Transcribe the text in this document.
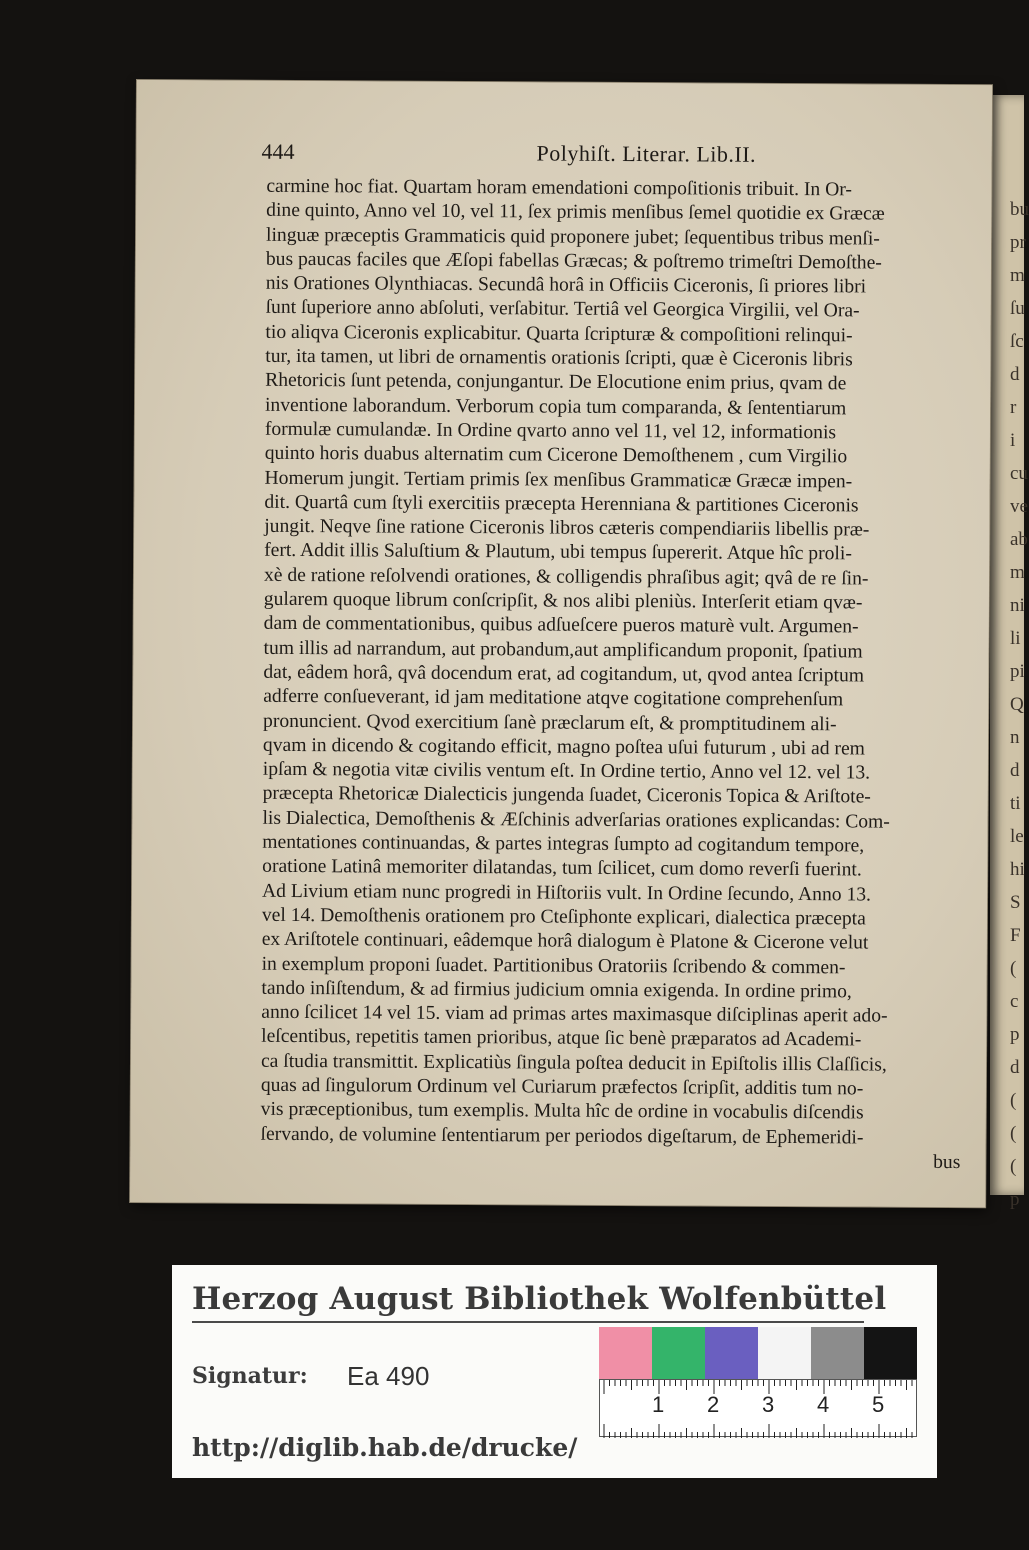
bu
pr
m
ſu
ſc
d
r
i
cu
ve
ab
m
ni
li
pi
Q
n
d
ti
le
hi
S
F
(
c
p
d
(
(
(
p
444	Polyhiſt. Literar. Lib.II.
carmine hoc fiat. Quartam horam emendationi compoſitionis tribuit. In Or-
dine quinto, Anno vel 10, vel 11, ſex primis menſibus ſemel quotidie ex Græcæ
linguæ præceptis Grammaticis quid proponere jubet; ſequentibus tribus menſi-
bus paucas faciles que Æſopi fabellas Græcas; & poſtremo trimeſtri Demoſthe-
nis Orationes Olynthiacas. Secundâ horâ in Officiis Ciceronis, ſi priores libri
ſunt ſuperiore anno abſoluti, verſabitur. Tertiâ vel Georgica Virgilii, vel Ora-
tio aliqva Ciceronis explicabitur. Quarta ſcripturæ & compoſitioni relinqui-
tur, ita tamen, ut libri de ornamentis orationis ſcripti, quæ è Ciceronis libris
Rhetoricis ſunt petenda, conjungantur. De Elocutione enim prius, qvam de
inventione laborandum. Verborum copia tum comparanda, & ſententiarum
formulæ cumulandæ. In Ordine qvarto anno vel 11, vel 12, informationis
quinto horis duabus alternatim cum Cicerone Demoſthenem , cum Virgilio
Homerum jungit. Tertiam primis ſex menſibus Grammaticæ Græcæ impen-
dit. Quartâ cum ſtyli exercitiis præcepta Herenniana & partitiones Ciceronis
jungit. Neqve ſine ratione Ciceronis libros cæteris compendiariis libellis præ-
fert. Addit illis Saluſtium & Plautum, ubi tempus ſupererit. Atque hîc proli-
xè de ratione reſolvendi orationes, & colligendis phraſibus agit; qvâ de re ſin-
gularem quoque librum conſcripſit, & nos alibi pleniùs. Interſerit etiam qvæ-
dam de commentationibus, quibus adſueſcere pueros maturè vult. Argumen-
tum illis ad narrandum, aut probandum,aut amplificandum proponit, ſpatium
dat, eâdem horâ, qvâ docendum erat, ad cogitandum, ut, qvod antea ſcriptum
adferre conſueverant, id jam meditatione atqve cogitatione comprehenſum
pronuncient. Qvod exercitium ſanè præclarum eſt, & promptitudinem ali-
qvam in dicendo & cogitando efficit, magno poſtea uſui futurum , ubi ad rem
ipſam & negotia vitæ civilis ventum eſt. In Ordine tertio, Anno vel 12. vel 13.
præcepta Rhetoricæ Dialecticis jungenda ſuadet, Ciceronis Topica & Ariſtote-
lis Dialectica, Demoſthenis & Æſchinis adverſarias orationes explicandas: Com-
mentationes continuandas, & partes integras ſumpto ad cogitandum tempore,
oratione Latinâ memoriter dilatandas, tum ſcilicet, cum domo reverſi fuerint.
Ad Livium etiam nunc progredi in Hiſtoriis vult. In Ordine ſecundo, Anno 13.
vel 14. Demoſthenis orationem pro Cteſiphonte explicari, dialectica præcepta
ex Ariſtotele continuari, eâdemque horâ dialogum è Platone & Cicerone velut
in exemplum proponi ſuadet. Partitionibus Oratoriis ſcribendo & commen-
tando inſiſtendum, & ad firmius judicium omnia exigenda. In ordine primo,
anno ſcilicet 14 vel 15. viam ad primas artes maximasque diſciplinas aperit ado-
leſcentibus, repetitis tamen prioribus, atque ſic benè præparatos ad Academi-
ca ſtudia transmittit. Explicatiùs ſingula poſtea deducit in Epiſtolis illis Claſſicis,
quas ad ſingulorum Ordinum vel Curiarum præfectos ſcripſit, additis tum no-
vis præceptionibus, tum exemplis. Multa hîc de ordine in vocabulis diſcendis
ſervando, de volumine ſententiarum per periodos digeſtarum, de Ephemeridi-
bus
Herzog August Bibliothek Wolfenbüttel
Signatur: Ea 490
1 2 3 4 5
http://diglib.hab.de/drucke/
